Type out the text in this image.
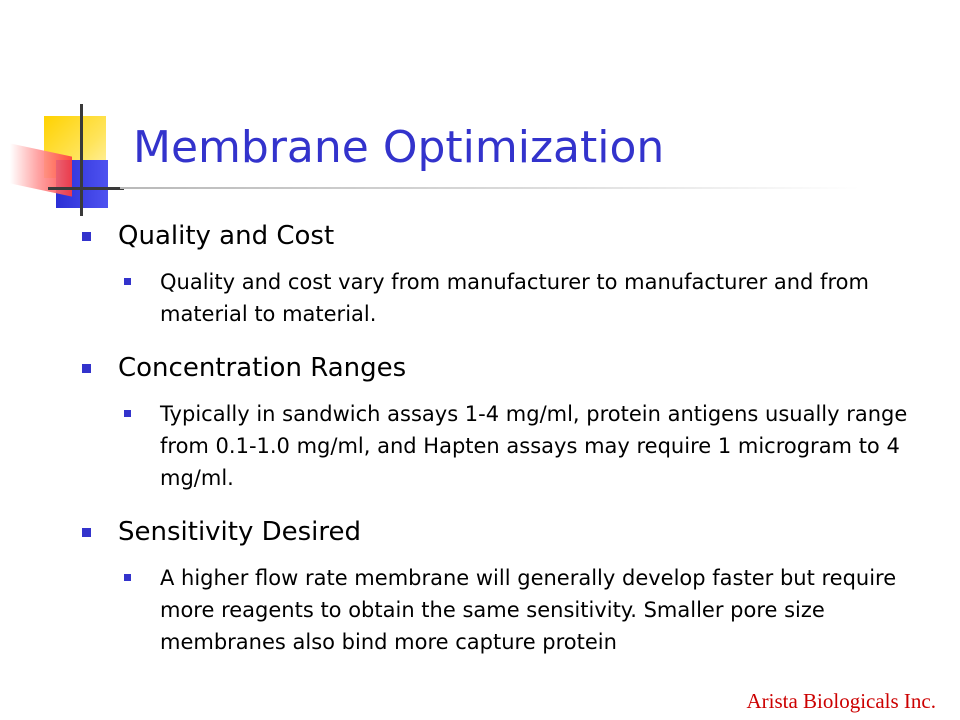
Membrane Optimization
Quality and Cost
Quality and cost vary from manufacturer to manufacturer and from material to material.
Concentration Ranges
Typically in sandwich assays 1-4 mg/ml, protein antigens usually range from 0.1-1.0 mg/ml, and Hapten assays may require 1 microgram to 4 mg/ml.
Sensitivity Desired
A higher flow rate membrane will generally develop faster but require more reagents to obtain the same sensitivity. Smaller pore size membranes also bind more capture protein
Arista Biologicals Inc.
